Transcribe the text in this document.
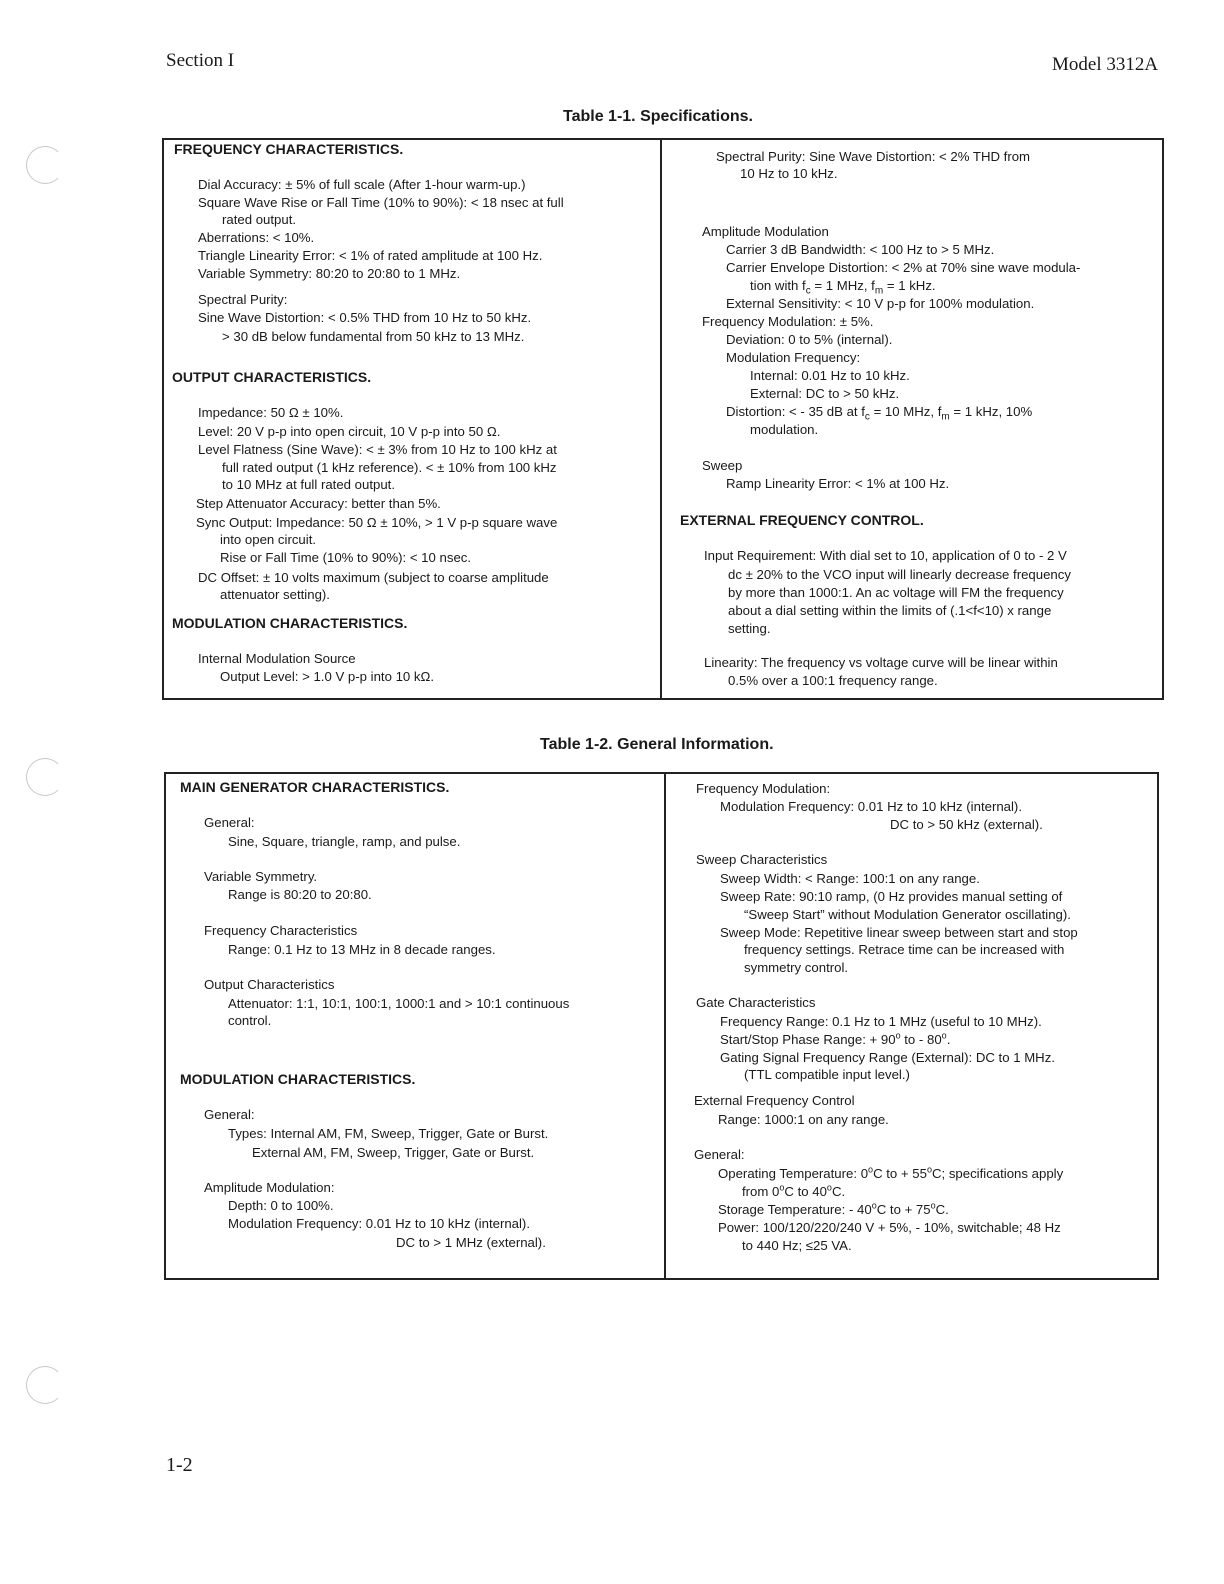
Section I	Model 3312A
1-2
Table 1-1. Specifications.
FREQUENCY CHARACTERISTICS.
Dial Accuracy: ± 5% of full scale (After 1-hour warm-up.)
Square Wave Rise or Fall Time (10% to 90%): < 18 nsec at full
rated output.
Aberrations: < 10%.
Triangle Linearity Error: < 1% of rated amplitude at 100 Hz.
Variable Symmetry: 80:20 to 20:80 to 1 MHz.
Spectral Purity:
Sine Wave Distortion: < 0.5% THD from 10 Hz to 50 kHz.
> 30 dB below fundamental from 50 kHz to 13 MHz.
OUTPUT CHARACTERISTICS.
Impedance: 50 Ω ± 10%.
Level: 20 V p-p into open circuit, 10 V p-p into 50 Ω.
Level Flatness (Sine Wave): < ± 3% from 10 Hz to 100 kHz at
full rated output (1 kHz reference). < ± 10% from 100 kHz
to 10 MHz at full rated output.
Step Attenuator Accuracy: better than 5%.
Sync Output: Impedance: 50 Ω ± 10%, > 1 V p-p square wave
into open circuit.
Rise or Fall Time (10% to 90%): < 10 nsec.
DC Offset: ± 10 volts maximum (subject to coarse amplitude
attenuator setting).
MODULATION CHARACTERISTICS.
Internal Modulation Source
Output Level: > 1.0 V p-p into 10 kΩ.
Spectral Purity: Sine Wave Distortion: < 2% THD from
10 Hz to 10 kHz.
Amplitude Modulation
Carrier 3 dB Bandwidth: < 100 Hz to > 5 MHz.
Carrier Envelope Distortion: < 2% at 70% sine wave modula-
tion with $f_c = 1$ MHz, $f_m = 1$ kHz.
External Sensitivity: < 10 V p-p for 100% modulation.
Frequency Modulation: ± 5%.
Deviation: 0 to 5% (internal).
Modulation Frequency:
Internal: 0.01 Hz to 10 kHz.
External: DC to > 50 kHz.
Distortion: < - 35 dB at $f_c = 10$ MHz, $f_m = 1$ kHz, 10%
modulation.
Sweep
Ramp Linearity Error: < 1% at 100 Hz.
EXTERNAL FREQUENCY CONTROL.
Input Requirement: With dial set to 10, application of 0 to - 2 V
dc ± 20% to the VCO input will linearly decrease frequency
by more than 1000:1. An ac voltage will FM the frequency
about a dial setting within the limits of (.1<f<10) x range
setting.
Linearity: The frequency vs voltage curve will be linear within
0.5% over a 100:1 frequency range.
Table 1-2. General Information.
MAIN GENERATOR CHARACTERISTICS.
General:
Sine, Square, triangle, ramp, and pulse.
Variable Symmetry.
Range is 80:20 to 20:80.
Frequency Characteristics
Range: 0.1 Hz to 13 MHz in 8 decade ranges.
Output Characteristics
Attenuator: 1:1, 10:1, 100:1, 1000:1 and > 10:1 continuous
control.
MODULATION CHARACTERISTICS.
General:
Types: Internal AM, FM, Sweep, Trigger, Gate or Burst.
External AM, FM, Sweep, Trigger, Gate or Burst.
Amplitude Modulation:
Depth: 0 to 100%.
Modulation Frequency: 0.01 Hz to 10 kHz (internal).
DC to > 1 MHz (external).
Frequency Modulation:
Modulation Frequency: 0.01 Hz to 10 kHz (internal).
DC to > 50 kHz (external).
Sweep Characteristics
Sweep Width: < Range: 100:1 on any range.
Sweep Rate: 90:10 ramp, (0 Hz provides manual setting of
“Sweep Start” without Modulation Generator oscillating).
Sweep Mode: Repetitive linear sweep between start and stop
frequency settings. Retrace time can be increased with
symmetry control.
Gate Characteristics
Frequency Range: 0.1 Hz to 1 MHz (useful to 10 MHz).
Start/Stop Phase Range: + $90^o$ to - 80$^o$.
Gating Signal Frequency Range (External): DC to 1 MHz.
(TTL compatible input level.)
External Frequency Control
Range: 1000:1 on any range.
General:
Operating Temperature: 0$^o$C to + $55^oC$; specifications apply
from 0$^o$C to 40$^o$C.
Storage Temperature: - 40$^o$C to + $75^oC$.
Power: 100/120/220/240 V + 5%, - 10%, switchable; 48 Hz
to 440 Hz; ≤25 VA.
